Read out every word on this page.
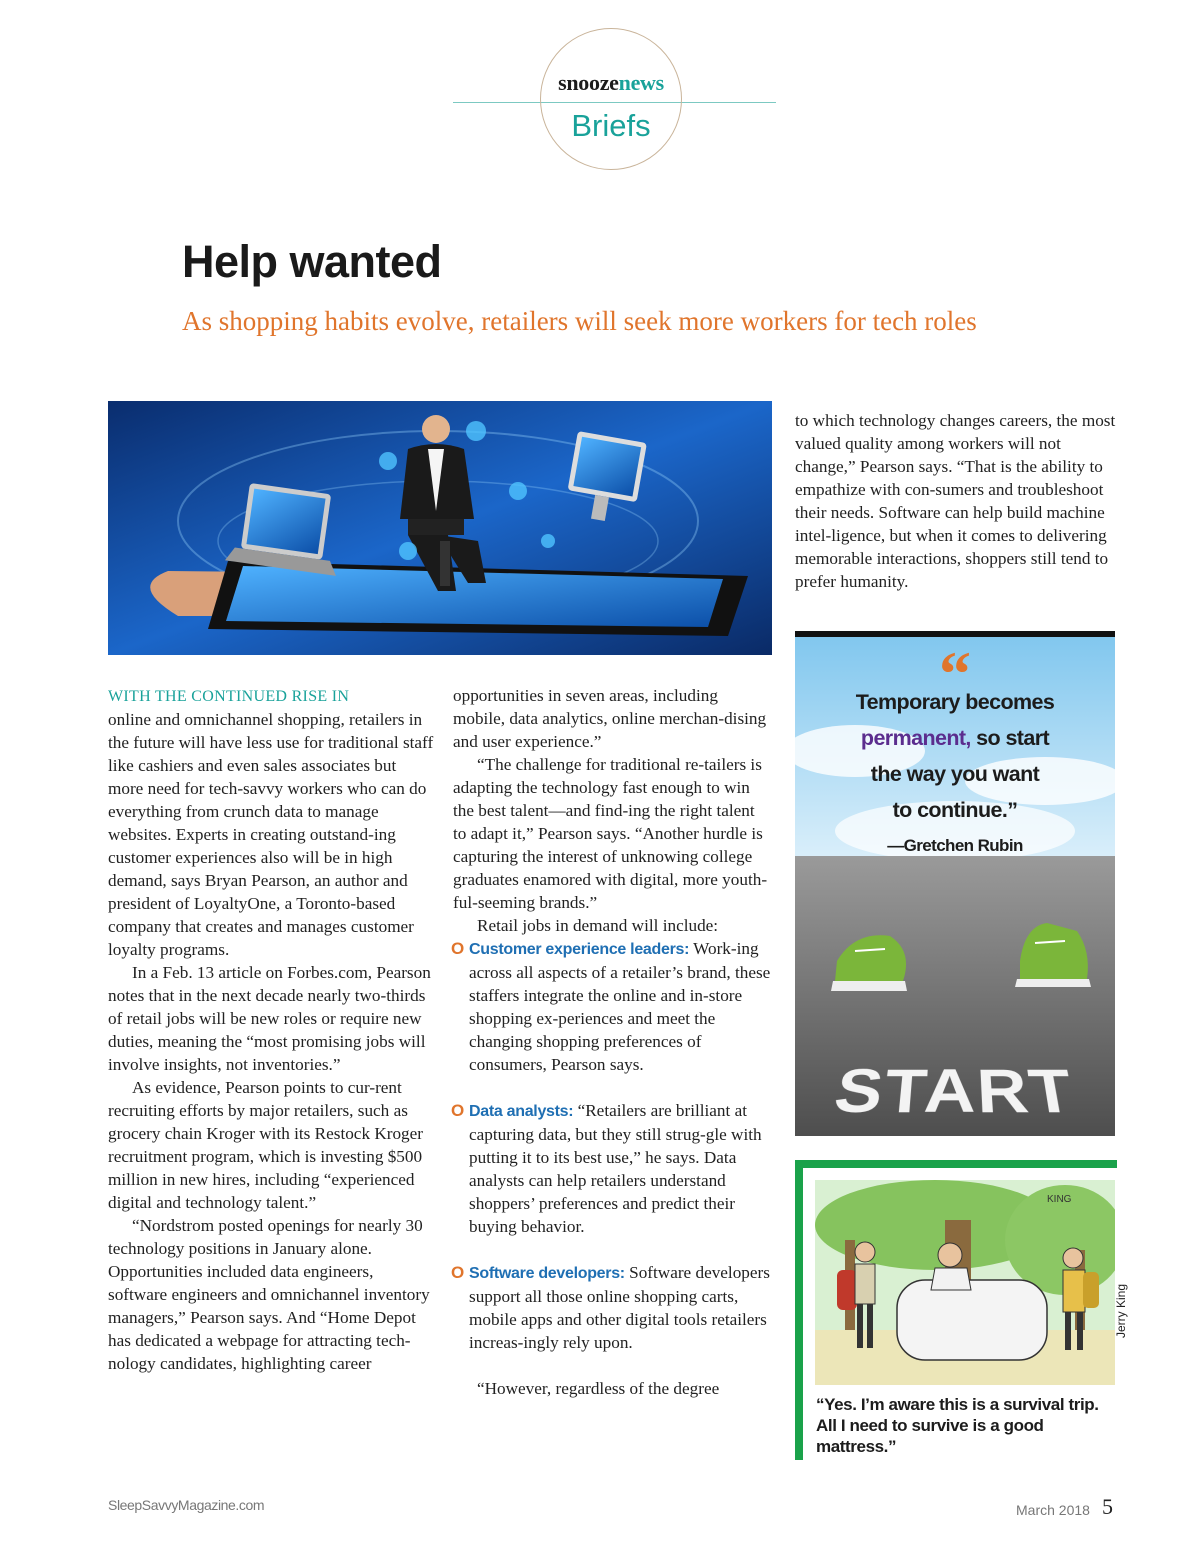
snoozenews
Briefs
Help wanted
As shopping habits evolve, retailers will seek more workers for tech roles

WITH THE CONTINUED RISE IN
online and omnichannel shopping, retailers in the future will have less use for traditional staff like cashiers and even sales associates but more need for tech-savvy workers who can do everything from crunch data to manage websites. Experts in creating outstand-ing customer experiences also will be in high demand, says Bryan Pearson, an author and president of LoyaltyOne, a Toronto-based company that creates and manages customer loyalty programs.

In a Feb. 13 article on Forbes.com, Pearson notes that in the next decade nearly two-thirds of retail jobs will be new roles or require new duties, meaning the “most promising jobs will involve insights, not inventories.”

As evidence, Pearson points to cur-rent recruiting efforts by major retailers, such as grocery chain Kroger with its Restock Kroger recruitment program, which is investing $500 million in new hires, including “experienced digital and technology talent.”

“Nordstrom posted openings for nearly 30 technology positions in January alone. Opportunities included data engineers, software engineers and omnichannel inventory managers,” Pearson says. And “Home Depot has dedicated a webpage for attracting tech-nology candidates, highlighting career

opportunities in seven areas, including mobile, data analytics, online merchan-dising and user experience.”

“The challenge for traditional re-tailers is adapting the technology fast enough to win the best talent—and find-ing the right talent to adapt it,” Pearson says. “Another hurdle is capturing the interest of unknowing college graduates enamored with digital, more youth-ful-seeming brands.”

Retail jobs in demand will include:

O Customer experience leaders: Work-ing across all aspects of a retailer’s brand, these staffers integrate the online and in-store shopping ex-periences and meet the changing shopping preferences of consumers, Pearson says.

O Data analysts: “Retailers are brilliant at capturing data, but they still strug-gle with putting it to its best use,” he says. Data analysts can help retailers understand shoppers’ preferences and predict their buying behavior.

O Software developers: Software developers support all those online shopping carts, mobile apps and other digital tools retailers increas-ingly rely upon.

“However, regardless of the degree

to which technology changes careers, the most valued quality among workers will not change,” Pearson says. “That is the ability to empathize with con-sumers and troubleshoot their needs. Software can help build machine intel-ligence, but when it comes to delivering memorable interactions, shoppers still tend to prefer humanity.

“
Temporary becomes
permanent, so start
the way you want
to continue.”
—Gretchen Rubin
START
KING
Jerry King
“Yes. I’m aware this is a survival trip. All I need to survive is a good mattress.”
SleepSavvyMagazine.com	March 2018 5
